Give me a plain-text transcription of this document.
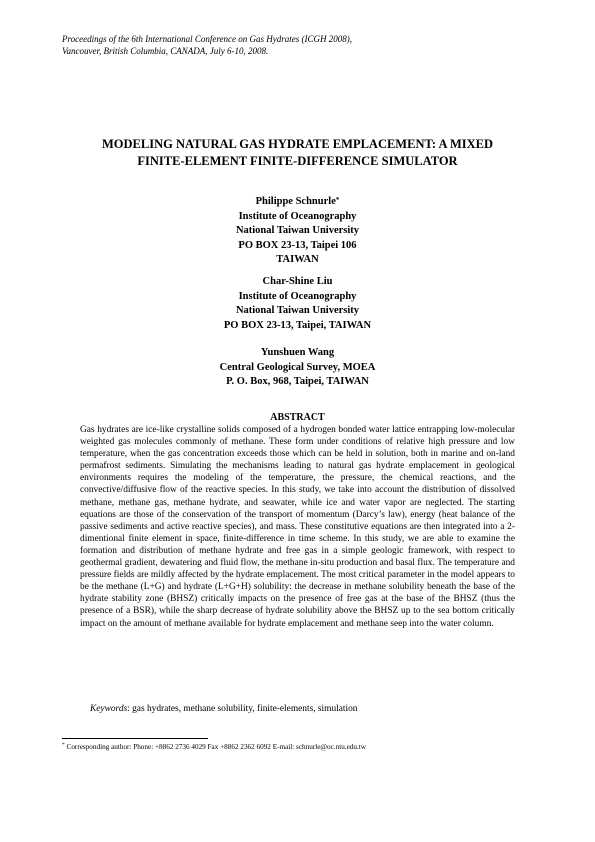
Proceedings of the 6th International Conference on Gas Hydrates (ICGH 2008),
Vancouver, British Columbia, CANADA, July 6-10, 2008.
MODELING NATURAL GAS HYDRATE EMPLACEMENT: A MIXED
FINITE-ELEMENT FINITE-DIFFERENCE SIMULATOR
Philippe Schnurle*
Institute of Oceanography
National Taiwan University
PO BOX 23-13, Taipei 106
TAIWAN
Char-Shine Liu
Institute of Oceanography
National Taiwan University
PO BOX 23-13, Taipei, TAIWAN
Yunshuen Wang
Central Geological Survey, MOEA
P. O. Box, 968, Taipei, TAIWAN
ABSTRACT
Gas hydrates are ice-like crystalline solids composed of a hydrogen bonded water lattice entrapping low-molecular weighted gas molecules commonly of methane. These form under conditions of relative high pressure and low temperature, when the gas concentration exceeds those which can be held in solution, both in marine and on-land permafrost sediments. Simulating the mechanisms leading to natural gas hydrate emplacement in geological environments requires the modeling of the temperature, the pressure, the chemical reactions, and the convective/diffusive flow of the reactive species. In this study, we take into account the distribution of dissolved methane, methane gas, methane hydrate, and seawater, while ice and water vapor are neglected. The starting equations are those of the conservation of the transport of momentum (Darcy’s law), energy (heat balance of the passive sediments and active reactive species), and mass. These constitutive equations are then integrated into a 2-dimentional finite element in space, finite-difference in time scheme. In this study, we are able to examine the formation and distribution of methane hydrate and free gas in a simple geologic framework, with respect to geothermal gradient, dewatering and fluid flow, the methane in-situ production and basal flux. The temperature and pressure fields are mildly affected by the hydrate emplacement. The most critical parameter in the model appears to be the methane (L+G) and hydrate (L+G+H) solubility: the decrease in methane solubility beneath the base of the hydrate stability zone (BHSZ) critically impacts on the presence of free gas at the base of the BHSZ (thus the presence of a BSR), while the sharp decrease of hydrate solubility above the BHSZ up to the sea bottom critically impact on the amount of methane available for hydrate emplacement and methane seep into the water column.
Keywords: gas hydrates, methane solubility, finite-elements, simulation
* Corresponding author: Phone: +8862 2736 4029 Fax +8862 2362 6092 E-mail: schnurle@oc.ntu.edu.tw
